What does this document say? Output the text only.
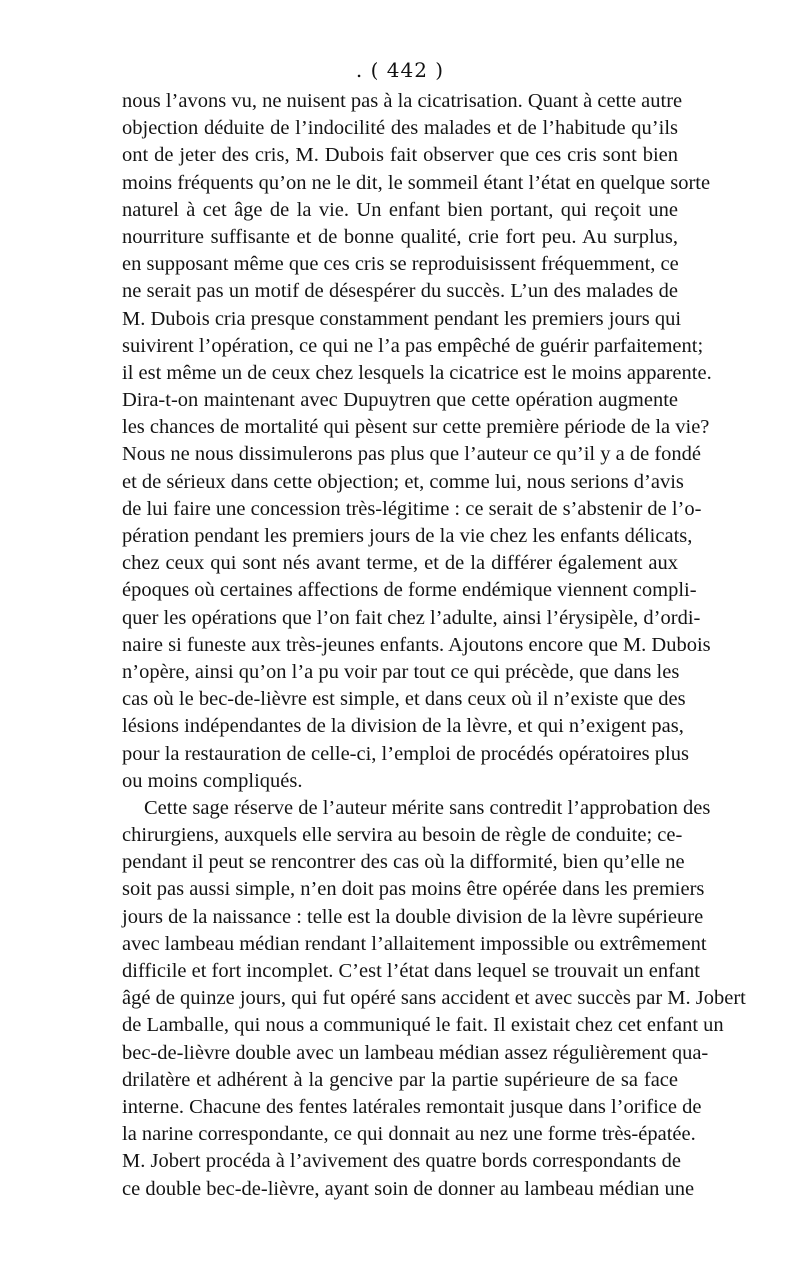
. ( 442 )
nous l’avons vu, ne nuisent pas à la cicatrisation. Quant à cette autre
objection déduite de l’indocilité des malades et de l’habitude qu’ils
ont de jeter des cris, M. Dubois fait observer que ces cris sont bien
moins fréquents qu’on ne le dit, le sommeil étant l’état en quelque sorte
naturel à cet âge de la vie. Un enfant bien portant, qui reçoit une
nourriture suffisante et de bonne qualité, crie fort peu. Au surplus,
en supposant même que ces cris se reproduisissent fréquemment, ce
ne serait pas un motif de désespérer du succès. L’un des malades de
M. Dubois cria presque constamment pendant les premiers jours qui
suivirent l’opération, ce qui ne l’a pas empêché de guérir parfaitement;
il est même un de ceux chez lesquels la cicatrice est le moins apparente.
Dira-t-on maintenant avec Dupuytren que cette opération augmente
les chances de mortalité qui pèsent sur cette première période de la vie?
Nous ne nous dissimulerons pas plus que l’auteur ce qu’il y a de fondé
et de sérieux dans cette objection; et, comme lui, nous serions d’avis
de lui faire une concession très-légitime : ce serait de s’abstenir de l’o-
pération pendant les premiers jours de la vie chez les enfants délicats,
chez ceux qui sont nés avant terme, et de la différer également aux
époques où certaines affections de forme endémique viennent compli-
quer les opérations que l’on fait chez l’adulte, ainsi l’érysipèle, d’ordi-
naire si funeste aux très-jeunes enfants. Ajoutons encore que M. Dubois
n’opère, ainsi qu’on l’a pu voir par tout ce qui précède, que dans les
cas où le bec-de-lièvre est simple, et dans ceux où il n’existe que des
lésions indépendantes de la division de la lèvre, et qui n’exigent pas,
pour la restauration de celle-ci, l’emploi de procédés opératoires plus
ou moins compliqués.
Cette sage réserve de l’auteur mérite sans contredit l’approbation des
chirurgiens, auxquels elle servira au besoin de règle de conduite; ce-
pendant il peut se rencontrer des cas où la difformité, bien qu’elle ne
soit pas aussi simple, n’en doit pas moins être opérée dans les premiers
jours de la naissance : telle est la double division de la lèvre supérieure
avec lambeau médian rendant l’allaitement impossible ou extrêmement
difficile et fort incomplet. C’est l’état dans lequel se trouvait un enfant
âgé de quinze jours, qui fut opéré sans accident et avec succès par M. Jobert
de Lamballe, qui nous a communiqué le fait. Il existait chez cet enfant un
bec-de-lièvre double avec un lambeau médian assez régulièrement qua-
drilatère et adhérent à la gencive par la partie supérieure de sa face
interne. Chacune des fentes latérales remontait jusque dans l’orifice de
la narine correspondante, ce qui donnait au nez une forme très-épatée.
M. Jobert procéda à l’avivement des quatre bords correspondants de
ce double bec-de-lièvre, ayant soin de donner au lambeau médian une
